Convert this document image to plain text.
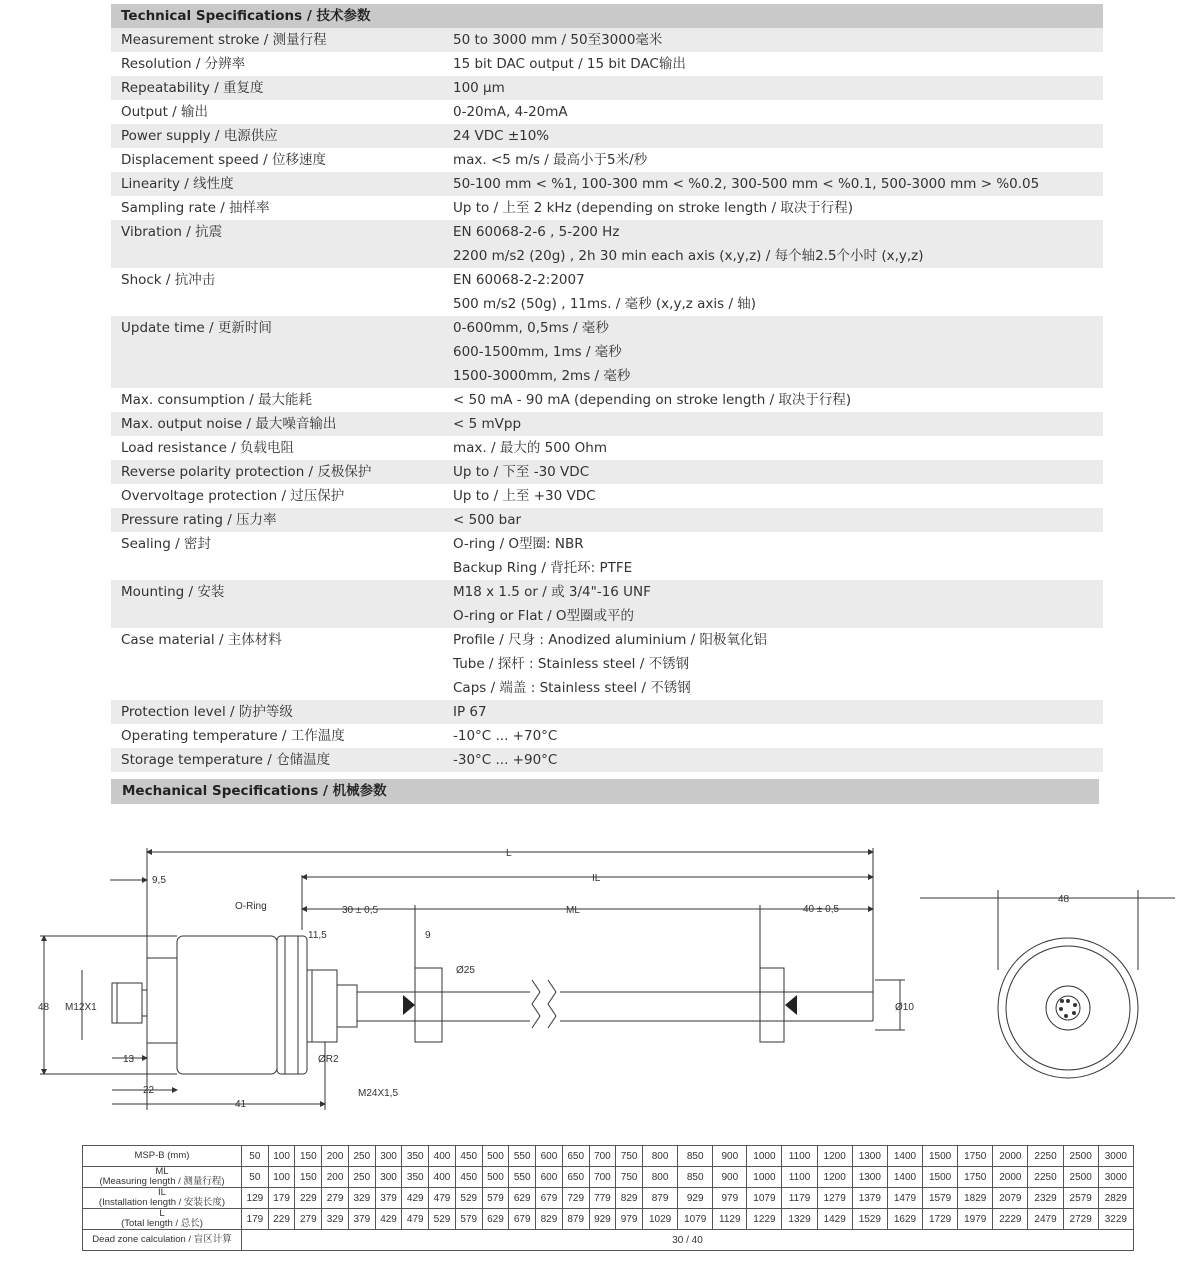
Technical Specifications / 技术参数	
Measurement stroke / 测量行程	50 to 3000 mm / 50至3000毫米
Resolution / 分辨率	15 bit DAC output / 15 bit DAC输出
Repeatability / 重复度	100 µm
Output / 输出	0-20mA, 4-20mA
Power supply / 电源供应	24 VDC ±10%
Displacement speed / 位移速度	max. <5 m/s / 最高小于5米/秒
Linearity / 线性度	50-100 mm < %1, 100-300 mm < %0.2, 300-500 mm < %0.1, 500-3000 mm > %0.05
Sampling rate / 抽样率	Up to / 上至 2 kHz (depending on stroke length / 取决于行程)
Vibration / 抗震	EN 60068-2-6 , 5-200 Hz
	2200 m/s2 (20g) , 2h 30 min each axis (x,y,z) / 每个轴2.5个小时 (x,y,z)
Shock / 抗冲击	EN 60068-2-2:2007
	500 m/s2 (50g) , 11ms. / 毫秒 (x,y,z axis / 轴)
Update time / 更新时间	0-600mm, 0,5ms / 毫秒
	600-1500mm, 1ms / 毫秒
	1500-3000mm, 2ms / 毫秒
Max. consumption / 最大能耗	< 50 mA - 90 mA (depending on stroke length / 取决于行程)
Max. output noise / 最大噪音输出	< 5 mVpp
Load resistance / 负载电阻	max. / 最大的 500 Ohm
Reverse polarity protection / 反极保护	Up to / 下至 -30 VDC
Overvoltage protection / 过压保护	Up to / 上至 +30 VDC
Pressure rating / 压力率	< 500 bar
Sealing / 密封	O-ring / O型圈: NBR
	Backup Ring / 背托环: PTFE
Mounting / 安装	M18 x 1.5 or / 或 3/4"-16 UNF
	O-ring or Flat / O型圈或平的
Case material / 主体材料	Profile / 尺身 : Anodized aluminium / 阳极氧化铝
	Tube / 探杆 : Stainless steel / 不锈钢
	Caps / 端盖 : Stainless steel / 不锈钢
Protection level / 防护等级	IP 67
Operating temperature / 工作温度	-10°C ... +70°C
Storage temperature / 仓储温度	-30°C ... +90°C
Mechanical Specifications / 机械参数
L
IL
ML
9,5
O-Ring	30 ± 0,5	40 ± 0,5
11,5	9
Ø25
48 M12X1
13
22
41
ØR2
M24X1,5
Ø10
48
MSP-B (mm)	50	100	150	200	250	300	350	400	450	500	550	600	650	700	750	800	850	900	1000	1100	1200	1300	1400	1500	1750	2000	2250	2500	3000

ML
(Measuring length / 测量行程)	50	100	150	200	250	300	350	400	450	500	550	600	650	700	750	800	850	900	1000	1100	1200	1300	1400	1500	1750	2000	2250	2500	3000

IL
(Installation length / 安装长度)	129	179	229	279	329	379	429	479	529	579	629	679	729	779	829	879	929	979	1079	1179	1279	1379	1479	1579	1829	2079	2329	2579	2829

L
(Total length / 总长)	179	229	279	329	379	429	479	529	579	629	679	829	879	929	979	1029	1079	1129	1229	1329	1429	1529	1629	1729	1979	2229	2479	2729	3229
Dead zone calculation / 盲区计算	30 / 40																												
